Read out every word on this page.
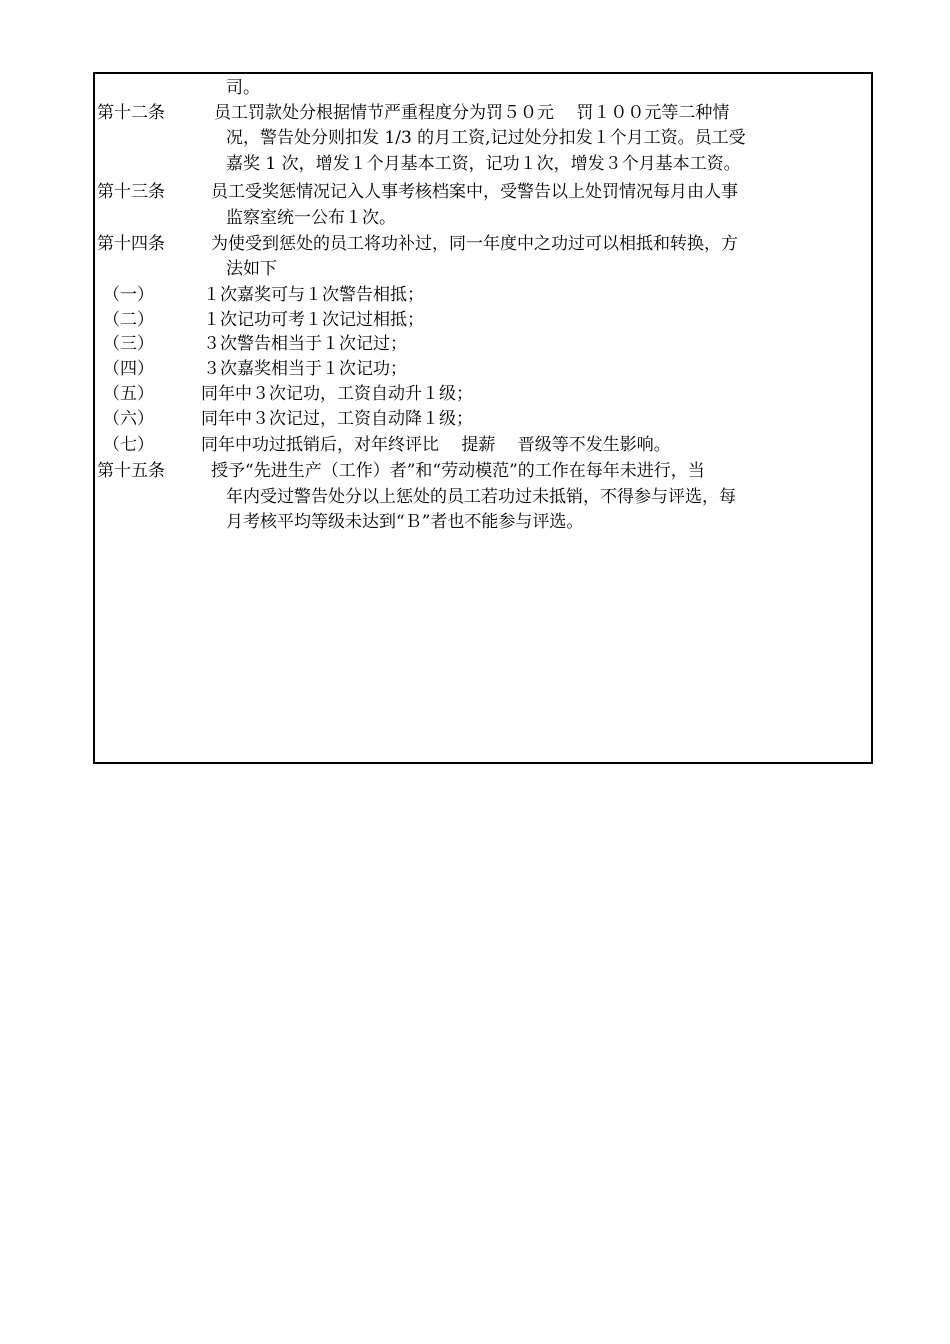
司。
第十二条	员工罚款处分根据情节严重程度分为罚５０元　 罚１００元等二种情
况，警告处分则扣发 1/3 的月工资,记过处分扣发１个月工资。员工受
嘉奖 1 次，增发１个月基本工资，记功１次，增发３个月基本工资。
第十三条	员工受奖惩情况记入人事考核档案中，受警告以上处罚情况每月由人事
监察室统一公布１次。
第十四条	为使受到惩处的员工将功补过，同一年度中之功过可以相抵和转换，方
法如下
（一）	１次嘉奖可与１次警告相抵；
（二）	１次记功可考１次记过相抵；
（三）	３次警告相当于１次记过；
（四）	３次嘉奖相当于１次记功；
（五）	同年中３次记功，工资自动升１级；
（六）	同年中３次记过，工资自动降１级；
（七）	同年中功过抵销后，对年终评比　 提薪　 晋级等不发生影响。
第十五条	授予“先进生产（工作）者”和“劳动模范”的工作在每年未进行，当
年内受过警告处分以上惩处的员工若功过未抵销，不得参与评选，每
月考核平均等级未达到“Ｂ”者也不能参与评选。
